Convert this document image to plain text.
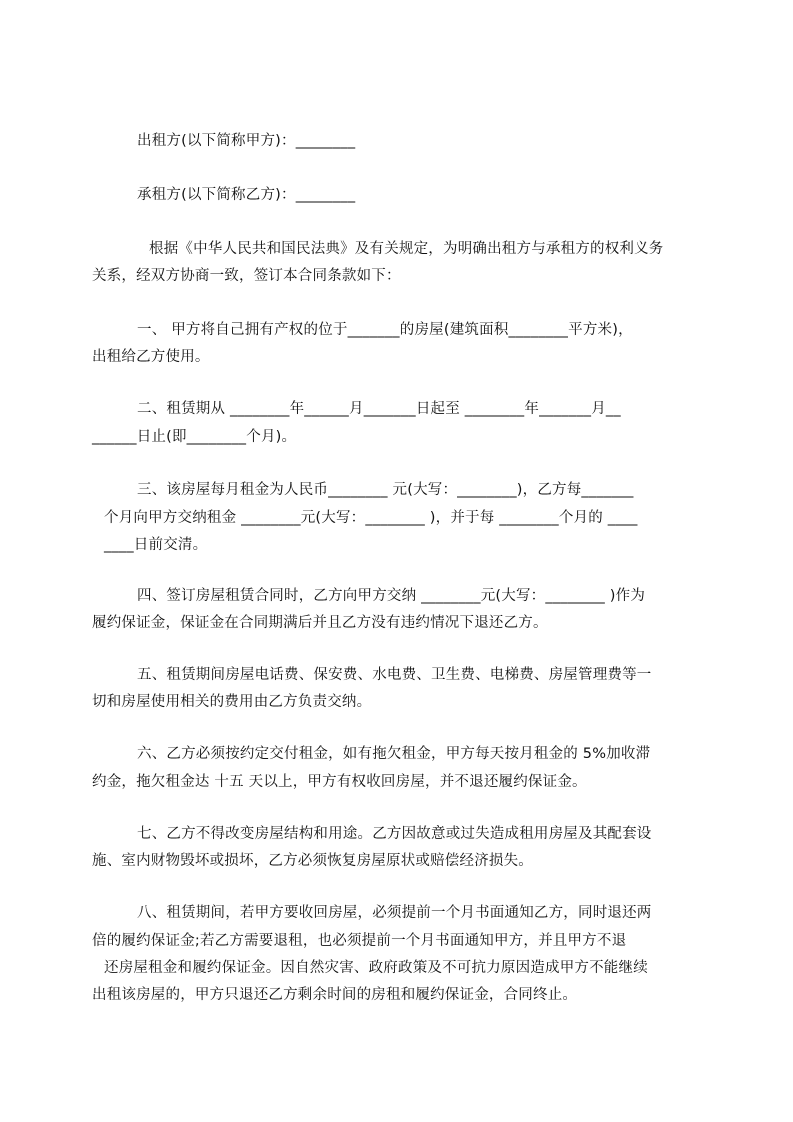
出租方(以下简称甲方)：________
承租方(以下简称乙方)：________
根据《中华人民共和国民法典》及有关规定，为明确出租方与承租方的权利义务
关系，经双方协商一致，签订本合同条款如下：
一、 甲方将自己拥有产权的位于_______的房屋(建筑面积________平方米)，
出租给乙方使用。
二、租赁期从 ________年______月_______日起至 ________年_______月__
______日止(即________个月)。
三、该房屋每月租金为人民币________ 元(大写：________)，乙方每_______
个月向甲方交纳租金 ________元(大写：________ )，并于每 ________个月的 ____
____日前交清。
四、签订房屋租赁合同时，乙方向甲方交纳 ________元(大写：________ )作为
履约保证金，保证金在合同期满后并且乙方没有违约情况下退还乙方。
五、租赁期间房屋电话费、保安费、水电费、卫生费、电梯费、房屋管理费等一
切和房屋使用相关的费用由乙方负责交纳。
六、乙方必须按约定交付租金，如有拖欠租金，甲方每天按月租金的 5%加收滞
约金，拖欠租金达 十五 天以上，甲方有权收回房屋，并不退还履约保证金。
七、乙方不得改变房屋结构和用途。乙方因故意或过失造成租用房屋及其配套设
施、室内财物毁坏或损坏，乙方必须恢复房屋原状或赔偿经济损失。
八、租赁期间，若甲方要收回房屋，必须提前一个月书面通知乙方，同时退还两
倍的履约保证金;若乙方需要退租，也必须提前一个月书面通知甲方，并且甲方不退
还房屋租金和履约保证金。因自然灾害、政府政策及不可抗力原因造成甲方不能继续
出租该房屋的，甲方只退还乙方剩余时间的房租和履约保证金，合同终止。
